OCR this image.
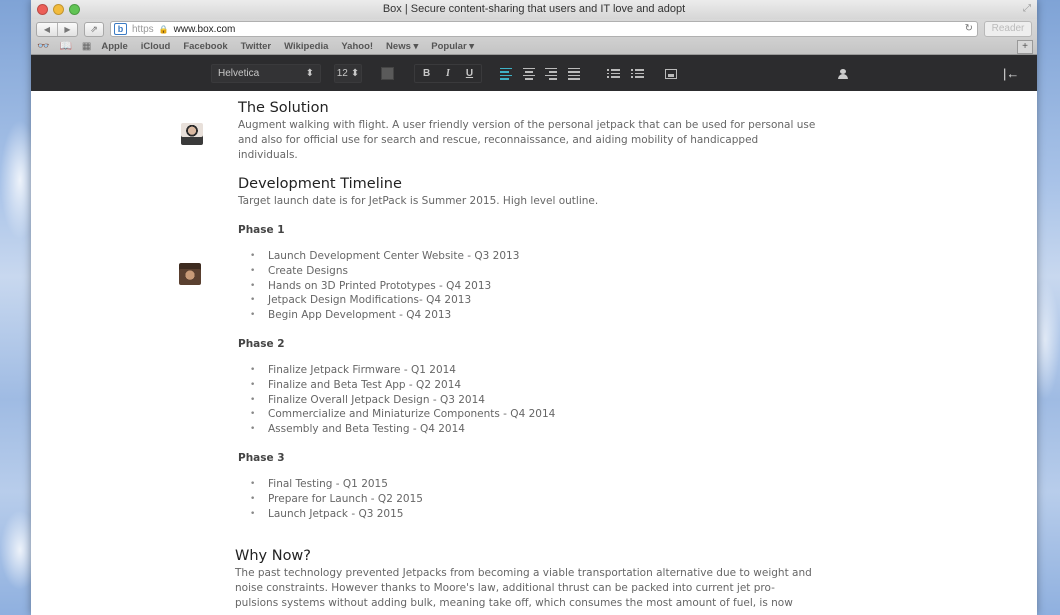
Box | Secure content-sharing that users and IT love and adopt	⤢
◀	▶	⇗	b https 🔒 www.box.com	↻	Reader
👓 📖 ▦ Apple iCloud Facebook Twitter Wikipedia Yahoo! News ▾ Popular ▾	+
Helvetica	⬍ 12 ⬍	B I U	|←
The Solution

Augment walking with flight. A user friendly version of the personal jetpack that can be used for personal use and also for official use for search and rescue, reconnaissance, and aiding mobility of handicapped individuals.

Development Timeline

Target launch date is for JetPack is Summer 2015. High level outline.

Phase 1
• Launch Development Center Website - Q3 2013
• Create Designs
• Hands on 3D Printed Prototypes - Q4 2013
• Jetpack Design Modifications- Q4 2013
• Begin App Development - Q4 2013
Phase 2
• Finalize Jetpack Firmware - Q1 2014
• Finalize and Beta Test App - Q2 2014
• Finalize Overall Jetpack Design - Q3 2014
• Commercialize and Miniaturize Components - Q4 2014
• Assembly and Beta Testing - Q4 2014
Phase 3
• Final Testing - Q1 2015
• Prepare for Launch - Q2 2015
• Launch Jetpack - Q3 2015
Why Now?

The past technology prevented Jetpacks from becoming a viable transportation alternative due to weight and noise constraints. However thanks to Moore's law, additional thrust can be packed into current jet pro-pulsions systems without adding bulk, meaning take off, which consumes the most amount of fuel, is now
